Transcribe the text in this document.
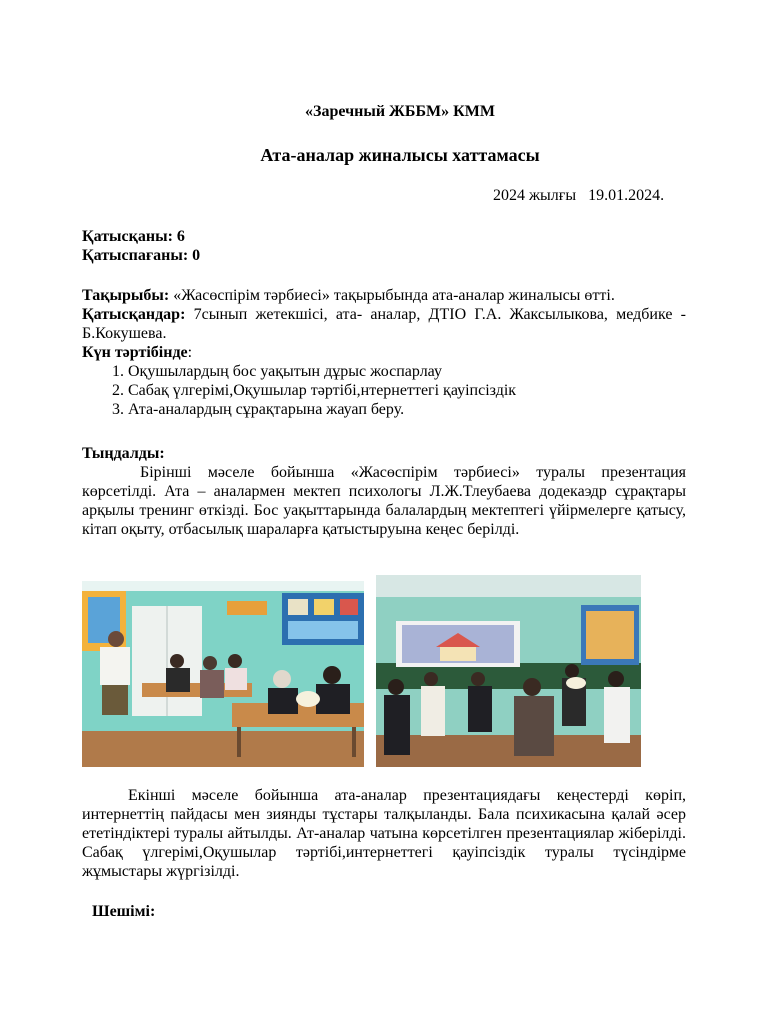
«Заречный ЖББМ» КММ
Ата-аналар жиналысы хаттамасы
2024 жылғы 19.01.2024.
Қатысқаны: 6
Қатыспағаны: 0

Тақырыбы: «Жасөспірім тәрбиесі» тақырыбында ата-аналар жиналысы өтті.

Қатысқандар: 7сынып жетекшісі, ата- аналар, ДТІО Г.А. Жаксылыкова, медбике - Б.Кокушева.

Күн тәртібінде:

1. Оқушылардың бос уақытын дұрыс жоспарлау
2. Сабақ үлгерімі,Оқушылар тәртібі,нтернеттегі қауіпсіздік
3. Ата-аналардың сұрақтарына жауап беру.

Тыңдалды:

Бірінші мәселе бойынша «Жасөспірім тәрбиесі» туралы презентация көрсетілді. Ата – аналармен мектеп психологы Л.Ж.Тлеубаева додекаэдр сұрақтары арқылы тренинг өткізді. Бос уақыттарында балалардың мектептегі үйірмелерге қатысу, кітап оқыту, отбасылық шараларға қатыстыруына кеңес берілді.

Екінші мәселе бойынша ата-аналар презентациядағы кеңестерді көріп, интернеттің пайдасы мен зиянды тұстары талқыланды. Бала психикасына қалай әсер ететіндіктері туралы айтылды. Ат-аналар чатына көрсетілген презентациялар жіберілді. Сабақ үлгерімі,Оқушылар тәртібі,интернеттегі қауіпсіздік туралы түсіндірме жұмыстары жүргізілді.

Шешімі:
